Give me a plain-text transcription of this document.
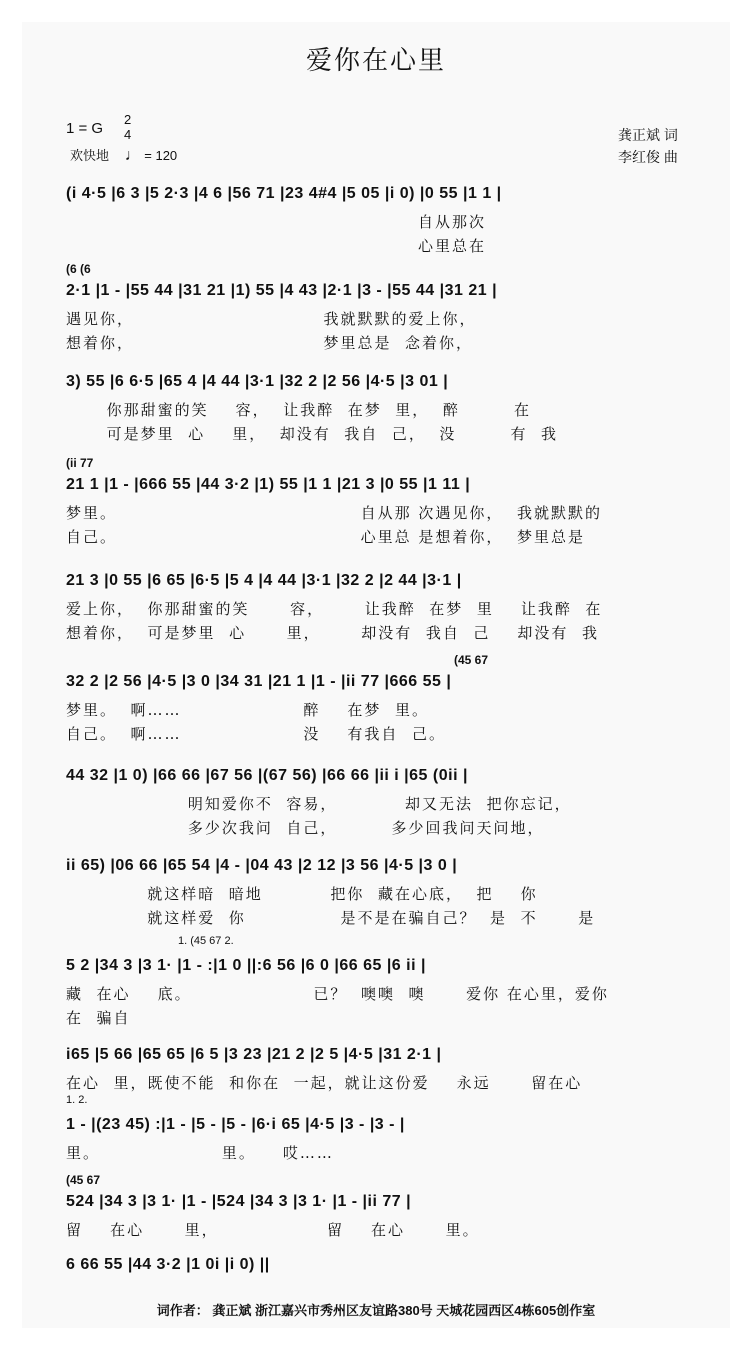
爱你在心里
1 = G
2
4
欢快地 ♩ = 120
龚正斌 词
李红俊 曲
(i 4·5 |6 3 |5 2·3 |4 6 |56 71 |23 4#4 |5 05 |i 0) |0 55 |1 1 |
自从那次
心里总在
(6 (6
2·1 |1 - |55 44 |31 21 |1) 55 |4 43 |2·1 |3 - |55 44 |31 21 |
遇见你，                            我就默默的爱上你，
想着你，                            梦里总是  念着你，
3) 55 |6 6·5 |65 4 |4 44 |3·1 |32 2 |2 56 |4·5 |3 01 |
你那甜蜜的笑    容，  让我醉  在梦  里，  醉        在
可是梦里  心    里，  却没有  我自  己，  没        有  我
(ii 77
21 1 |1 - |666 55 |44 3·2 |1) 55 |1 1 |21 3 |0 55 |1 11 |
梦里。                                    自从那 次遇见你，  我就默默的
自己。                                    心里总 是想着你，  梦里总是
21 3 |0 55 |6 65 |6·5 |5 4 |4 44 |3·1 |32 2 |2 44 |3·1 |
爱上你，  你那甜蜜的笑      容，      让我醉  在梦  里    让我醉  在
想着你，  可是梦里  心      里，      却没有  我自  己    却没有  我
(45 67
32 2 |2 56 |4·5 |3 0 |34 31 |21 1 |1 - |ii 77 |666 55 |
梦里。  啊……                  醉    在梦  里。
自己。  啊……                  没    有我自  己。
44 32 |1 0) |66 66 |67 56 |(67 56) |66 66 |ii i |65 (0ii |
明知爱你不  容易，          却又无法  把你忘记，
多少次我问  自己，        多少回我问天问地，
ii 65) |06 66 |65 54 |4 - |04 43 |2 12 |3 56 |4·5 |3 0 |
就这样暗  暗地          把你  藏在心底，  把    你
就这样爱  你              是不是在骗自己？  是  不      是
1. (45 67 2.
5 2 |34 3 |3 1· |1 - :|1 0 ||:6 56 |6 0 |66 65 |6 ii |
藏  在心    底。                  已？  噢噢  噢      爱你 在心里，爱你
在  骗自
i65 |5 66 |65 65 |6 5 |3 23 |21 2 |2 5 |4·5 |31 2·1 |
在心  里，既使不能  和你在  一起，就让这份爱    永远      留在心
1. 2.
1 - |(23 45) :|1 - |5 - |5 - |6·i 65 |4·5 |3 - |3 - |
里。                  里。    哎……
(45 67
524 |34 3 |3 1· |1 - |524 |34 3 |3 1· |1 - |ii 77 |
留    在心      里，                留    在心      里。
6 66 55 |44 3·2 |1 0i |i 0) ||
词作者： 龚正斌 浙江嘉兴市秀州区友谊路380号 天城花园西区4栋605创作室
